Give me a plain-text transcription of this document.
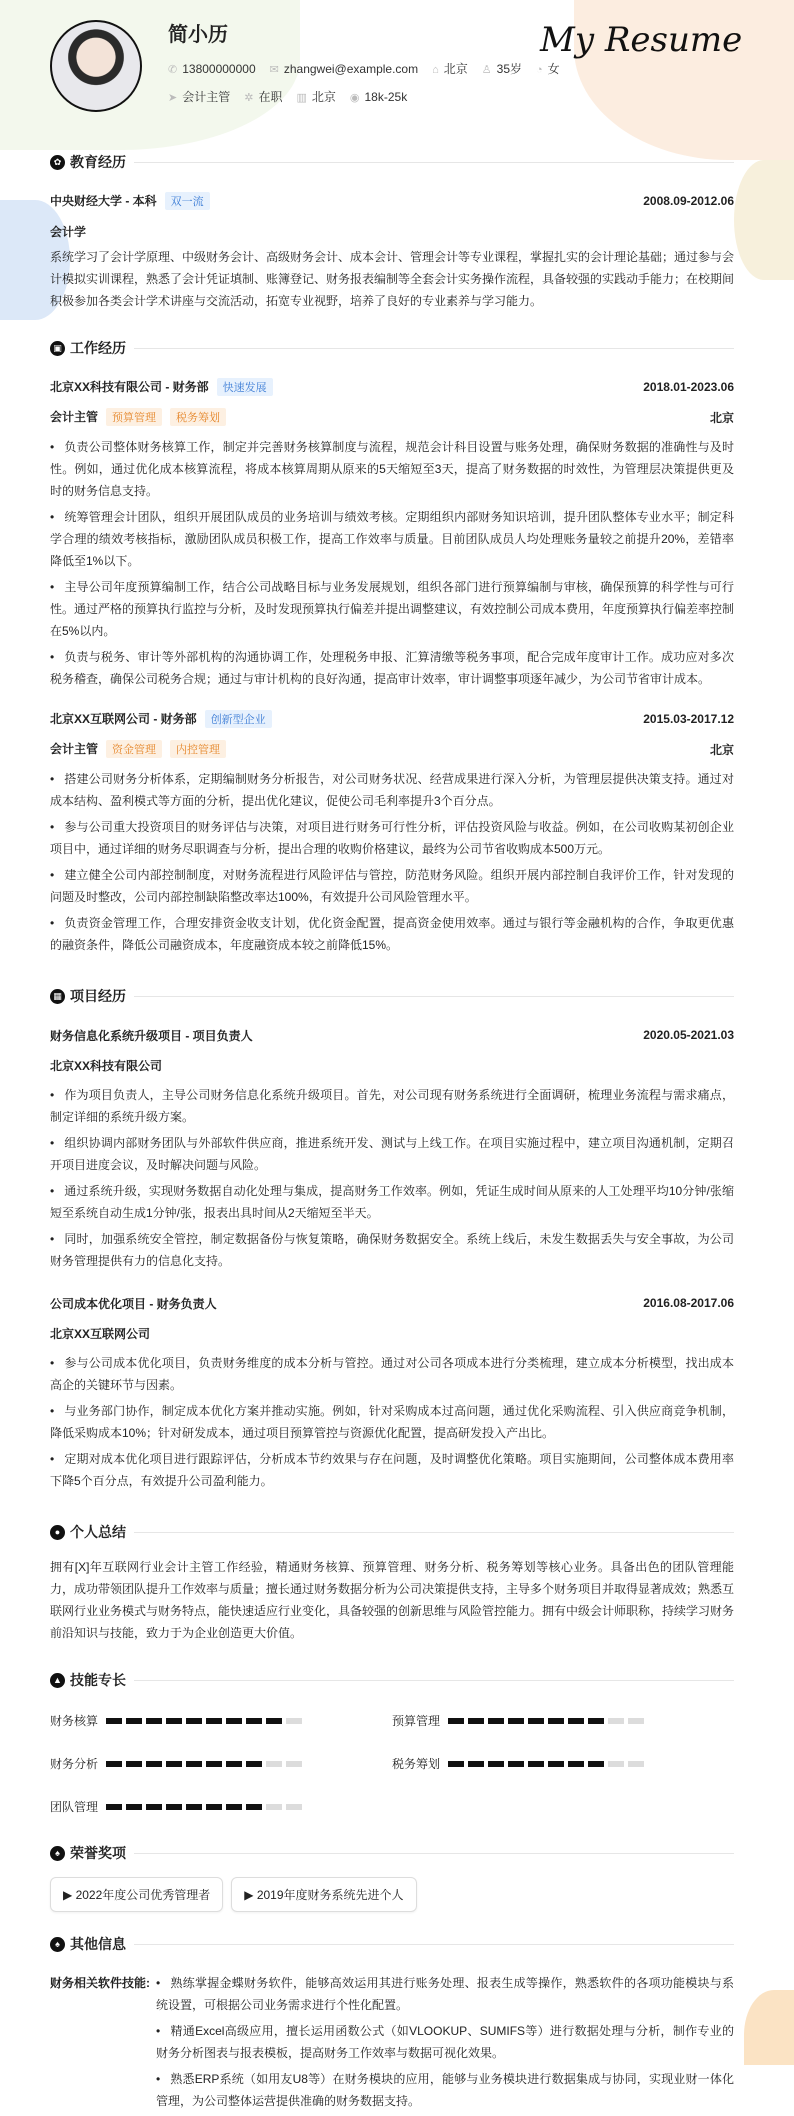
简小历	My Resume
✆ 13800000000 ✉ zhangwei@example.com ⌂ 北京 ♙ 35岁 ◔ 女
➤ 会计主管 ✲ 在职 ▥ 北京 ◉ 18k-25k
✿ 教育经历
中央财经大学 - 本科 双一流	2008.09-2012.06
会计学

系统学习了会计学原理、中级财务会计、高级财务会计、成本会计、管理会计等专业课程，掌握扎实的会计理论基础；通过参与会计模拟实训课程，熟悉了会计凭证填制、账簿登记、财务报表编制等全套会计实务操作流程，具备较强的实践动手能力；在校期间积极参加各类会计学术讲座与交流活动，拓宽专业视野，培养了良好的专业素养与学习能力。

▣ 工作经历
北京XX科技有限公司 - 财务部 快速发展	2018.01-2023.06
会计主管 预算管理 税务筹划	北京
• 负责公司整体财务核算工作，制定并完善财务核算制度与流程，规范会计科目设置与账务处理，确保财务数据的准确性与及时性。例如，通过优化成本核算流程，将成本核算周期从原来的5天缩短至3天，提高了财务数据的时效性，为管理层决策提供更及时的财务信息支持。
• 统筹管理会计团队，组织开展团队成员的业务培训与绩效考核。定期组织内部财务知识培训，提升团队整体专业水平；制定科学合理的绩效考核指标，激励团队成员积极工作，提高工作效率与质量。目前团队成员人均处理账务量较之前提升20%，差错率降低至1%以下。
• 主导公司年度预算编制工作，结合公司战略目标与业务发展规划，组织各部门进行预算编制与审核，确保预算的科学性与可行性。通过严格的预算执行监控与分析，及时发现预算执行偏差并提出调整建议，有效控制公司成本费用，年度预算执行偏差率控制在5%以内。
• 负责与税务、审计等外部机构的沟通协调工作，处理税务申报、汇算清缴等税务事项，配合完成年度审计工作。成功应对多次税务稽查，确保公司税务合规；通过与审计机构的良好沟通，提高审计效率，审计调整事项逐年减少，为公司节省审计成本。
北京XX互联网公司 - 财务部 创新型企业	2015.03-2017.12
会计主管 资金管理 内控管理	北京
• 搭建公司财务分析体系，定期编制财务分析报告，对公司财务状况、经营成果进行深入分析，为管理层提供决策支持。通过对成本结构、盈利模式等方面的分析，提出优化建议，促使公司毛利率提升3个百分点。
• 参与公司重大投资项目的财务评估与决策，对项目进行财务可行性分析，评估投资风险与收益。例如，在公司收购某初创企业项目中，通过详细的财务尽职调查与分析，提出合理的收购价格建议，最终为公司节省收购成本500万元。
• 建立健全公司内部控制制度，对财务流程进行风险评估与管控，防范财务风险。组织开展内部控制自我评价工作，针对发现的问题及时整改，公司内部控制缺陷整改率达100%，有效提升公司风险管理水平。
• 负责资金管理工作，合理安排资金收支计划，优化资金配置，提高资金使用效率。通过与银行等金融机构的合作，争取更优惠的融资条件，降低公司融资成本，年度融资成本较之前降低15%。
▦ 项目经历
财务信息化系统升级项目 - 项目负责人	2020.05-2021.03
北京XX科技有限公司
• 作为项目负责人，主导公司财务信息化系统升级项目。首先，对公司现有财务系统进行全面调研，梳理业务流程与需求痛点，制定详细的系统升级方案。
• 组织协调内部财务团队与外部软件供应商，推进系统开发、测试与上线工作。在项目实施过程中，建立项目沟通机制，定期召开项目进度会议，及时解决问题与风险。
• 通过系统升级，实现财务数据自动化处理与集成，提高财务工作效率。例如，凭证生成时间从原来的人工处理平均10分钟/张缩短至系统自动生成1分钟/张，报表出具时间从2天缩短至半天。
• 同时，加强系统安全管控，制定数据备份与恢复策略，确保财务数据安全。系统上线后，未发生数据丢失与安全事故，为公司财务管理提供有力的信息化支持。
公司成本优化项目 - 财务负责人	2016.08-2017.06
北京XX互联网公司
• 参与公司成本优化项目，负责财务维度的成本分析与管控。通过对公司各项成本进行分类梳理，建立成本分析模型，找出成本高企的关键环节与因素。
• 与业务部门协作，制定成本优化方案并推动实施。例如，针对采购成本过高问题，通过优化采购流程、引入供应商竞争机制，降低采购成本10%；针对研发成本，通过项目预算管控与资源优化配置，提高研发投入产出比。
• 定期对成本优化项目进行跟踪评估，分析成本节约效果与存在问题，及时调整优化策略。项目实施期间，公司整体成本费用率下降5个百分点，有效提升公司盈利能力。
● 个人总结

拥有[X]年互联网行业会计主管工作经验，精通财务核算、预算管理、财务分析、税务筹划等核心业务。具备出色的团队管理能力，成功带领团队提升工作效率与质量；擅长通过财务数据分析为公司决策提供支持，主导多个财务项目并取得显著成效；熟悉互联网行业业务模式与财务特点，能快速适应行业变化，具备较强的创新思维与风险管控能力。拥有中级会计师职称，持续学习财务前沿知识与技能，致力于为企业创造更大价值。

▲ 技能专长
财务核算	预算管理
财务分析	税务筹划
团队管理
♠ 荣誉奖项
▶ 2022年度公司优秀管理者	▶ 2019年度财务系统先进个人
♠ 其他信息
财务相关软件技能:	• 熟练掌握金蝶财务软件，能够高效运用其进行账务处理、报表生成等操作，熟悉软件的各项功能模块与系统设置，可根据公司业务需求进行个性化配置。
• 精通Excel高级应用，擅长运用函数公式（如VLOOKUP、SUMIFS等）进行数据处理与分析，制作专业的财务分析图表与报表模板，提高财务工作效率与数据可视化效果。
• 熟悉ERP系统（如用友U8等）在财务模块的应用，能够与业务模块进行数据集成与协同，实现业财一体化管理，为公司整体运营提供准确的财务数据支持。
